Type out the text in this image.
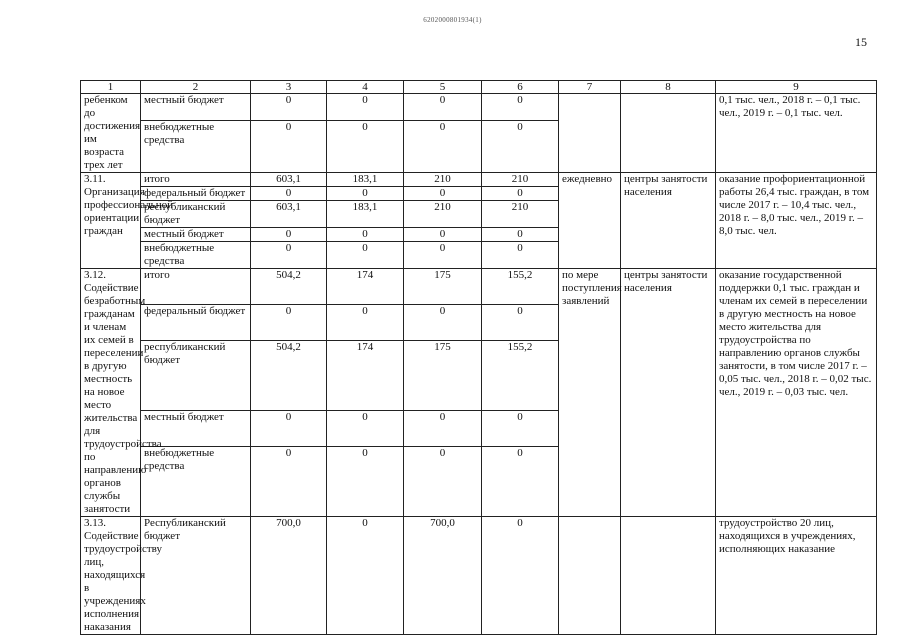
6202000801934(1)
15
1	2	3	4	5	6	7	8	9
ребенком до достижения им возраста трех лет	местный бюджет	0	0	0	0			0,1 тыс. чел., 2018 г. – 0,1 тыс. чел., 2019 г. – 0,1 тыс. чел.
	внебюджетные средства	0	0	0	0			
3.11. Организация профессиональной ориентации граждан	итого	603,1	183,1	210	210	ежедневно	центры занятости населения	оказание профориентационной работы 26,4 тыс. граждан, в том числе 2017 г. – 10,4 тыс. чел., 2018 г. – 8,0 тыс. чел., 2019 г. – 8,0 тыс. чел.
	федеральный бюджет	0	0	0	0			
	республиканский бюджет	603,1	183,1	210	210			
	местный бюджет	0	0	0	0			
	внебюджетные средства	0	0	0	0			
3.12. Содействие безработным гражданам и членам их семей в переселении в другую местность на новое место жительства для трудоустройства по направлению органов службы занятости	итого	504,2	174	175	155,2	по мере поступления заявлений	центры занятости населения	оказание государственной поддержки 0,1 тыс. граждан и членам их семей в переселении в другую местность на новое место жительства для трудоустройства по направлению органов службы занятости, в том числе 2017 г. – 0,05 тыс. чел., 2018 г. – 0,02 тыс. чел., 2019 г. – 0,03 тыс. чел.
	федеральный бюджет	0	0	0	0			
	республиканский бюджет	504,2	174	175	155,2			
	местный бюджет	0	0	0	0			
	внебюджетные средства	0	0	0	0			
3.13. Содействие трудоустройству лиц, находящихся в учреждениях исполнения наказания	Республиканский бюджет	700,0	0	700,0	0			трудоустройство 20 лиц, находящихся в учреждениях, исполняющих наказание
